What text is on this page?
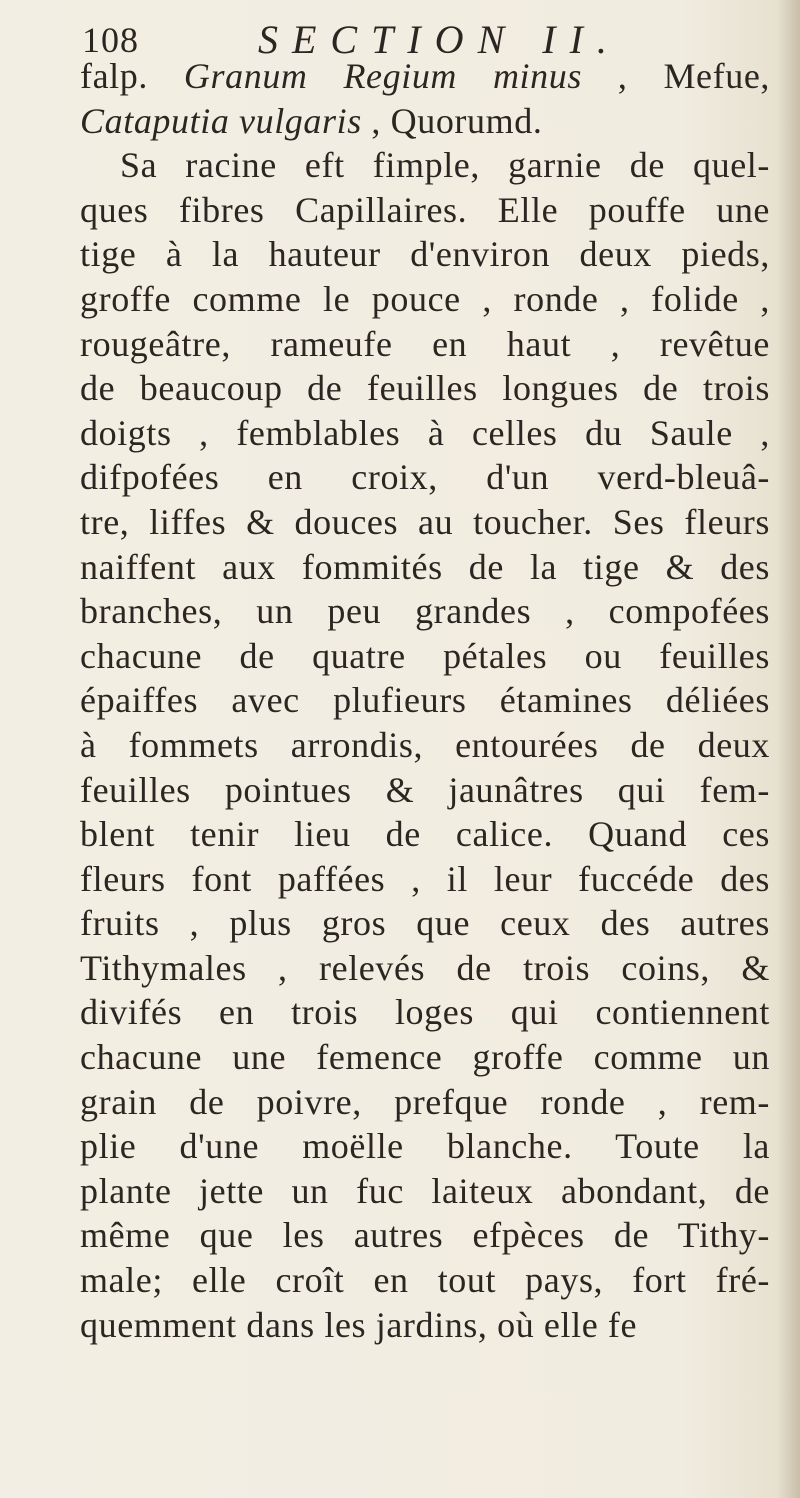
108	SECTION II.
falp. Granum Regium minus , Mefue,
Cataputia vulgaris , Quorumd.
Sa racine eft fimple, garnie de quel-
ques fibres Capillaires. Elle pouffe une
tige à la hauteur d'environ deux pieds,
groffe comme le pouce , ronde , folide ,
rougeâtre, rameufe en haut , revêtue
de beaucoup de feuilles longues de trois
doigts , femblables à celles du Saule ,
difpofées en croix, d'un verd-bleuâ-
tre, liffes & douces au toucher. Ses fleurs
naiffent aux fommités de la tige & des
branches, un peu grandes , compofées
chacune de quatre pétales ou feuilles
épaiffes avec plufieurs étamines déliées
à fommets arrondis, entourées de deux
feuilles pointues & jaunâtres qui fem-
blent tenir lieu de calice. Quand ces
fleurs font paffées , il leur fuccéde des
fruits , plus gros que ceux des autres
Tithymales , relevés de trois coins, &
divifés en trois loges qui contiennent
chacune une femence groffe comme un
grain de poivre, prefque ronde , rem-
plie d'une moëlle blanche. Toute la
plante jette un fuc laiteux abondant, de
même que les autres efpèces de Tithy-
male; elle croît en tout pays, fort fré-
quemment dans les jardins, où elle fe
